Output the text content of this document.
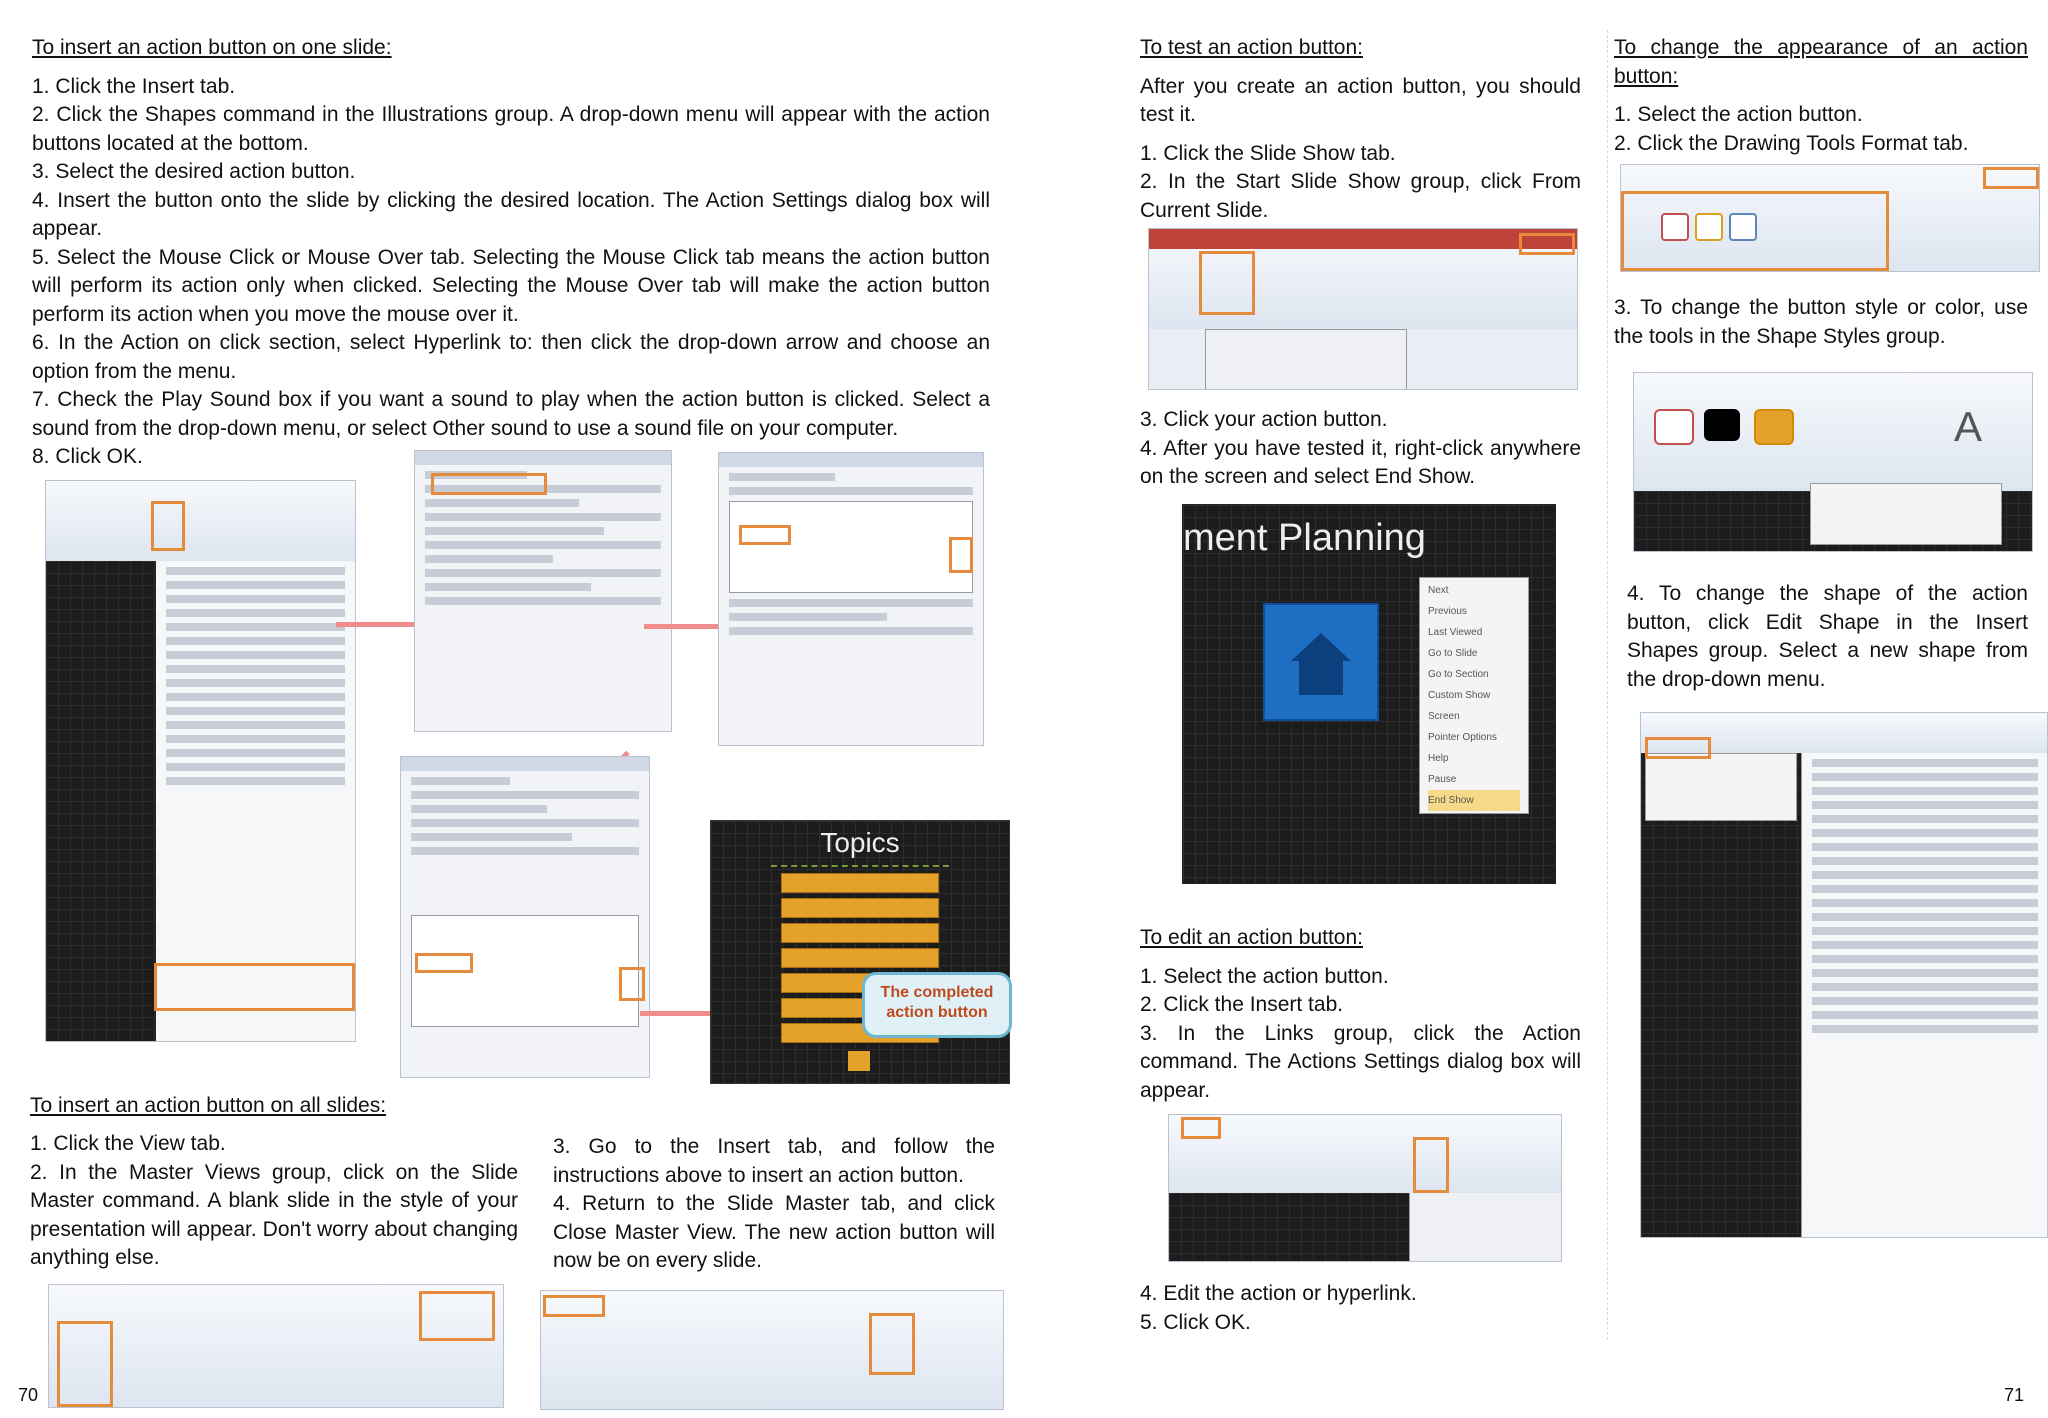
To insert an action button on one slide:

1. Click the Insert tab.

2. Click the Shapes command in the Illustrations group. A drop-down menu will appear with the action buttons located at the bottom.

3. Select the desired action button.

4. Insert the button onto the slide by clicking the desired location. The Action Settings dialog box will appear.

5. Select the Mouse Click or Mouse Over tab. Selecting the Mouse Click tab means the action button will perform its action only when clicked. Selecting the Mouse Over tab will make the action button perform its action when you move the mouse over it.

6. In the Action on click section, select Hyperlink to: then click the drop-down arrow and choose an option from the menu.

7. Check the Play Sound box if you want a sound to play when the action button is clicked. Select a sound from the drop-down menu, or select Other sound to use a sound file on your computer.

8. Click OK.

Topics
The completed action button

To insert an action button on all slides:

1. Click the View tab.

2. In the Master Views group, click on the Slide Master command. A blank slide in the style of your presentation will appear. Don't worry about changing anything else.

3. Go to the Insert tab, and follow the instructions above to insert an action button.

4. Return to the Slide Master tab, and click Close Master View. The new action button will now be on every slide.

70

To test an action button:

After you create an action button, you should test it.

1. Click the Slide Show tab.

2. In the Start Slide Show group, click From Current Slide.

3. Click your action button.

4. After you have tested it, right-click anywhere on the screen and select End Show.

ment Planning
Next
Previous
Last Viewed
Go to Slide
Go to Section
Custom Show
Screen
Pointer Options
Help
Pause
End Show

To edit an action button:

1. Select the action button.

2. Click the Insert tab.

3. In the Links group, click the Action command. The Actions Settings dialog box will appear.

4. Edit the action or hyperlink.

5. Click OK.

To change the appearance of an action button:

1. Select the action button.

2. Click the Drawing Tools Format tab.

3. To change the button style or color, use the tools in the Shape Styles group.
A
4. To change the shape of the action button, click Edit Shape in the Insert Shapes group. Select a new shape from the drop-down menu.
71
